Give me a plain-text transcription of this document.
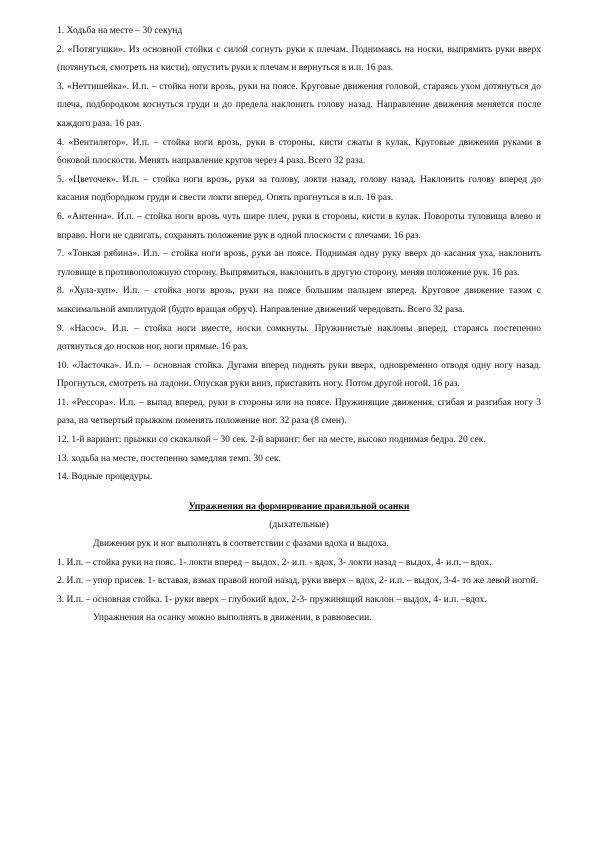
1. Ходьба на месте – 30 секунд

2. «Потягушки». Из основной стойки с силой согнуть руки к плечам. Поднимаясь на носки, выпрямить руки вверх (потянуться, смотреть на кисти), опустить руки к плечам и вернуться в и.п. 16 раз.

3. «Неттишейка». И.п. – стойка ноги врозь, руки на поясе. Круговые движения головой, стараясь ухом дотянуться до плеча, подбородком коснуться груди и до предела наклонить голову назад. Направление движения меняется после каждого раза. 16 раз.

4. «Вентилятор». И.п. – стойка ноги врозь, руки в стороны, кисти сжаты в кулак. Круговые движения руками в боковой плоскости. Менять направление кругов через 4 раза. Всего 32 раза.

5. «Цветочек». И.п. – стойка ноги врозь, руки за голову, локти назад, голову назад. Наклонить голову вперед до касания подбородком груди и свести локти вперед. Опять прогнуться в и.п. 16 раз.

6. «Антенна». И.п. – стойка ноги врозь чуть шире плеч, руки в стороны, кисти в кулак. Повороты туловища влево и вправо. Ноги не сдвигать, сохранять положение рук в одной плоскости с плечами. 16 раз.

7. «Тонкая рябина». И.п. – стойка ноги врозь, руки ан поясе. Поднимая одну руку вверх до касания уха, наклонить туловище в противоположную сторону. Выпрямиться, наклонить в другую сторону, меняя положение рук. 16 раз.

8. «Хула-хуп». И.п. – стойка ноги врозь, руки на поясе большим пальцем вперед. Круговое движение тазом с максимальной амплитудой (будто вращая обруч). Направление движений чередовать. Всего 32 раза.

9. «Насос». И.п. – стойка ноги вместе, носки сомкнуты. Пружинистые наклоны вперед, стараясь постепенно дотянуться до носков ног, ноги прямые. 16 раз.

10. «Ласточка». И.п. – основная стойка. Дугами вперед поднять руки вверх, одновременно отводя одну ногу назад. Прогнуться, смотреть на ладони. Опуская руки вниз, приставить ногу. Потом другой ногой. 16 раз.

11. «Рессора». И.п. – выпад вперед, руки в стороны или на поясе. Пружинящие движения, сгибая и разгибая ногу 3 раза, на четвертый прыжком поменять положение ног. 32 раза (8 смен).

12. 1-й вариант: прыжки со скакалкой – 30 сек. 2-й вариант: бег на месте, высоко поднимая бедра. 20 сек.

13. ходьба на месте, постепенно замедляя темп. 30 сек.

14. Водные процедуры.

Упражнения на формирование правильной осанки

(дыхательные)

Движения рук и ног выполнять в соответствии с фазами вдоха и выдоха.

1. И.п. – стойка руки на пояс. 1- локти вперед – выдох, 2- и.п. - вдох, 3- локти назад – выдох, 4- и.п. – вдох.

2. И.п. – упор присев. 1- вставая, взмах правой ногой назад, руки вверх – вдох, 2- и.п. – выдох, 3-4- то же левой ногой.

3. И.п. – основная стойка. 1- руки вверх – глубокий вдох, 2-3- пружинящий наклон – выдох, 4- и.п. –вдох.

Упражнения на осанку можно выполнять в движении, в равновесии.
